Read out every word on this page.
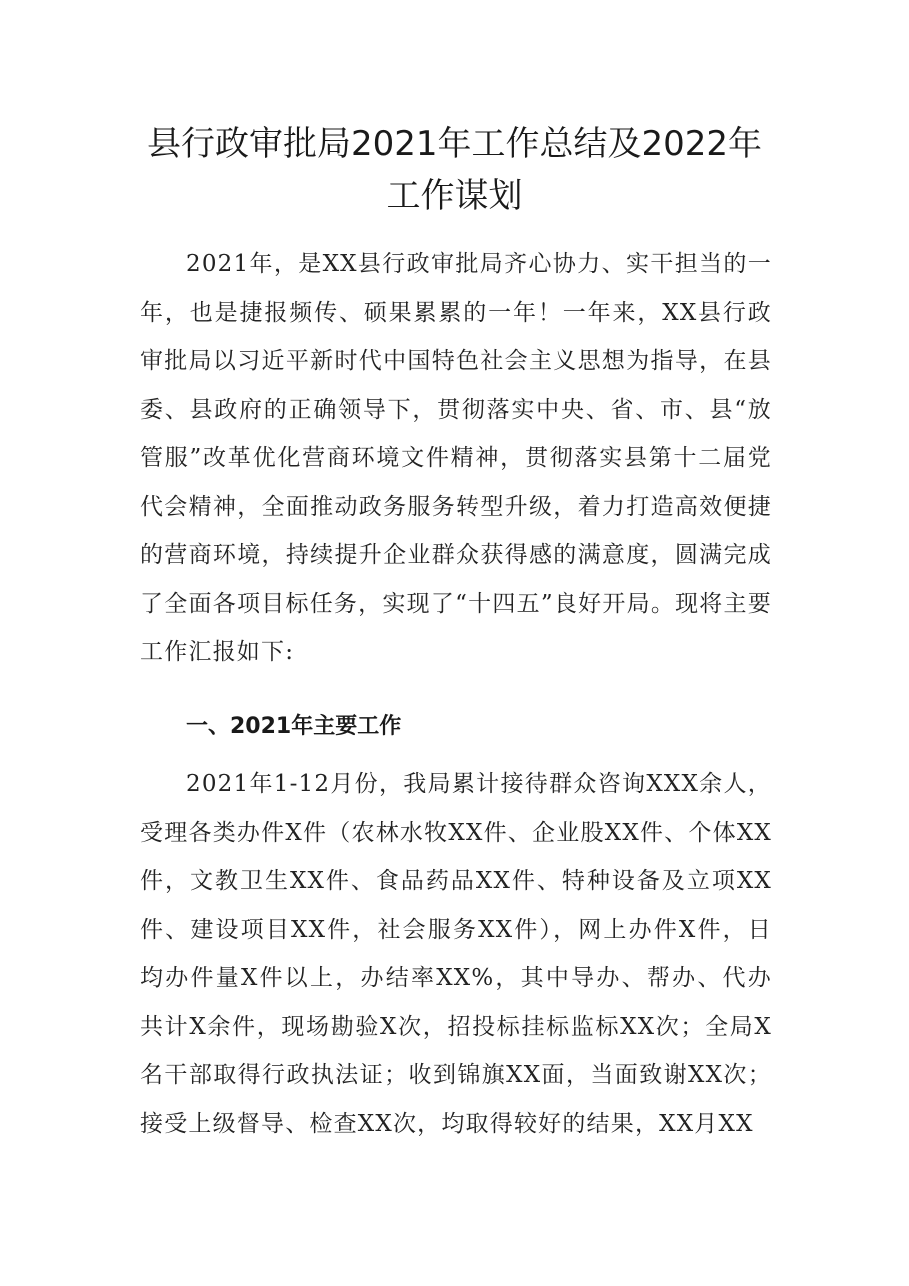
县行政审批局2021年工作总结及2022年
工作谋划

2021年，是XX县行政审批局齐心协力、实干担当的一年，也是捷报频传、硕果累累的一年！一年来，XX县行政审批局以习近平新时代中国特色社会主义思想为指导，在县委、县政府的正确领导下，贯彻落实中央、省、市、县“放管服”改革优化营商环境文件精神，贯彻落实县第十二届党代会精神，全面推动政务服务转型升级，着力打造高效便捷的营商环境，持续提升企业群众获得感的满意度，圆满完成了全面各项目标任务，实现了“十四五”良好开局。现将主要工作汇报如下:

一、2021年主要工作

2021年1-12月份，我局累计接待群众咨询XXX余人，受理各类办件X件（农林水牧XX件、企业股XX件、个体XX件，文教卫生XX件、食品药品XX件、特种设备及立项XX件、建设项目XX件，社会服务XX件），网上办件X件，日均办件量X件以上，办结率XX%，其中导办、帮办、代办共计X余件，现场勘验X次，招投标挂标监标XX次；全局X名干部取得行政执法证；收到锦旗XX面，当面致谢XX次；接受上级督导、检查XX次，均取得较好的结果，XX月XX
